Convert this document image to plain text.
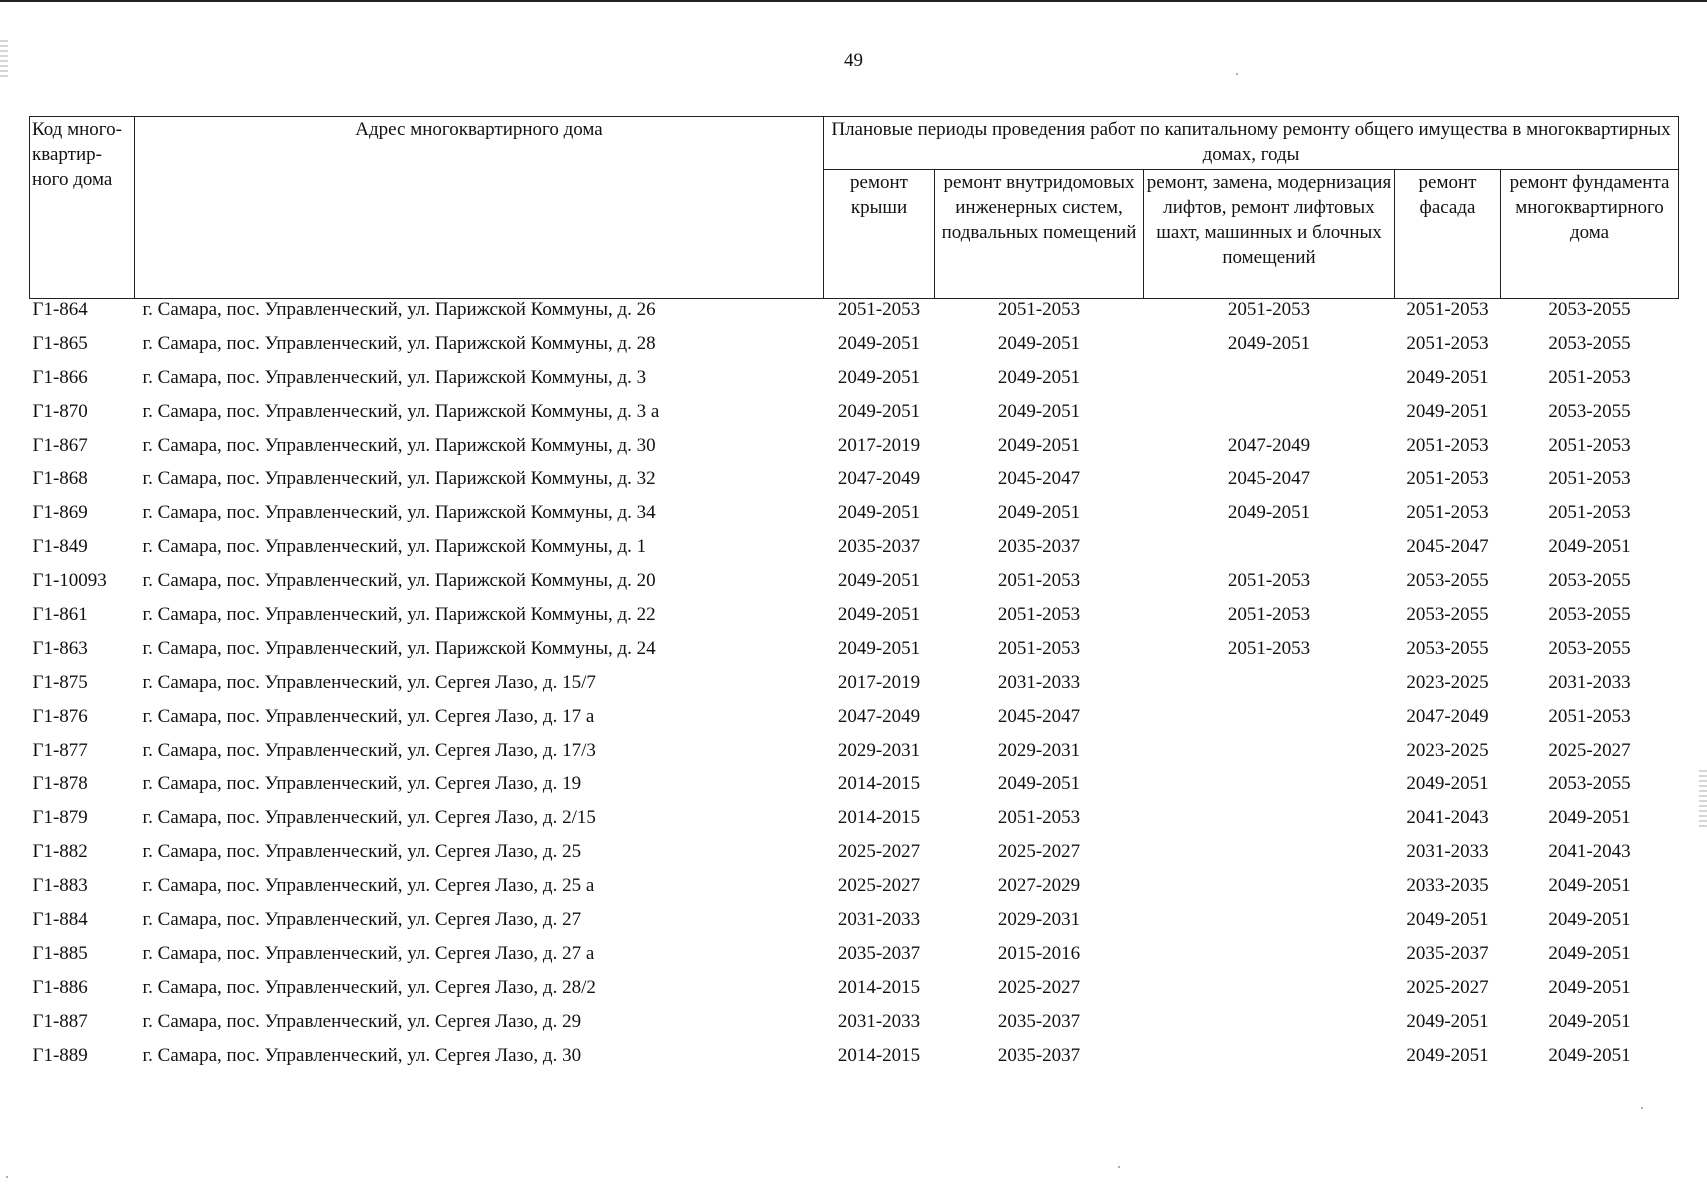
49
Код много-квартир-ного дома	Адрес многоквартирного дома	Плановые периоды проведения работ по капитальному ремонту общего имущества в многоквартирных домах, годы				
		ремонт крыши	ремонт внутридомовых инженерных систем, подвальных помещений	ремонт, замена, модернизация лифтов, ремонт лифтовых шахт, машинных и блочных помещений	ремонт фасада	ремонт фундамента многоквартирного дома
Г1-864	г. Самара, пос. Управленческий, ул. Парижской Коммуны, д. 26	2051-2053	2051-2053	2051-2053	2051-2053	2053-2055
Г1-865	г. Самара, пос. Управленческий, ул. Парижской Коммуны, д. 28	2049-2051	2049-2051	2049-2051	2051-2053	2053-2055
Г1-866	г. Самара, пос. Управленческий, ул. Парижской Коммуны, д. 3	2049-2051	2049-2051		2049-2051	2051-2053
Г1-870	г. Самара, пос. Управленческий, ул. Парижской Коммуны, д. 3 а	2049-2051	2049-2051		2049-2051	2053-2055
Г1-867	г. Самара, пос. Управленческий, ул. Парижской Коммуны, д. 30	2017-2019	2049-2051	2047-2049	2051-2053	2051-2053
Г1-868	г. Самара, пос. Управленческий, ул. Парижской Коммуны, д. 32	2047-2049	2045-2047	2045-2047	2051-2053	2051-2053
Г1-869	г. Самара, пос. Управленческий, ул. Парижской Коммуны, д. 34	2049-2051	2049-2051	2049-2051	2051-2053	2051-2053
Г1-849	г. Самара, пос. Управленческий, ул. Парижской Коммуны, д. 1	2035-2037	2035-2037		2045-2047	2049-2051
Г1-10093	г. Самара, пос. Управленческий, ул. Парижской Коммуны, д. 20	2049-2051	2051-2053	2051-2053	2053-2055	2053-2055
Г1-861	г. Самара, пос. Управленческий, ул. Парижской Коммуны, д. 22	2049-2051	2051-2053	2051-2053	2053-2055	2053-2055
Г1-863	г. Самара, пос. Управленческий, ул. Парижской Коммуны, д. 24	2049-2051	2051-2053	2051-2053	2053-2055	2053-2055
Г1-875	г. Самара, пос. Управленческий, ул. Сергея Лазо, д. 15/7	2017-2019	2031-2033		2023-2025	2031-2033
Г1-876	г. Самара, пос. Управленческий, ул. Сергея Лазо, д. 17 а	2047-2049	2045-2047		2047-2049	2051-2053
Г1-877	г. Самара, пос. Управленческий, ул. Сергея Лазо, д. 17/3	2029-2031	2029-2031		2023-2025	2025-2027
Г1-878	г. Самара, пос. Управленческий, ул. Сергея Лазо, д. 19	2014-2015	2049-2051		2049-2051	2053-2055
Г1-879	г. Самара, пос. Управленческий, ул. Сергея Лазо, д. 2/15	2014-2015	2051-2053		2041-2043	2049-2051
Г1-882	г. Самара, пос. Управленческий, ул. Сергея Лазо, д. 25	2025-2027	2025-2027		2031-2033	2041-2043
Г1-883	г. Самара, пос. Управленческий, ул. Сергея Лазо, д. 25 а	2025-2027	2027-2029		2033-2035	2049-2051
Г1-884	г. Самара, пос. Управленческий, ул. Сергея Лазо, д. 27	2031-2033	2029-2031		2049-2051	2049-2051
Г1-885	г. Самара, пос. Управленческий, ул. Сергея Лазо, д. 27 а	2035-2037	2015-2016		2035-2037	2049-2051
Г1-886	г. Самара, пос. Управленческий, ул. Сергея Лазо, д. 28/2	2014-2015	2025-2027		2025-2027	2049-2051
Г1-887	г. Самара, пос. Управленческий, ул. Сергея Лазо, д. 29	2031-2033	2035-2037		2049-2051	2049-2051
Г1-889	г. Самара, пос. Управленческий, ул. Сергея Лазо, д. 30	2014-2015	2035-2037		2049-2051	2049-2051
